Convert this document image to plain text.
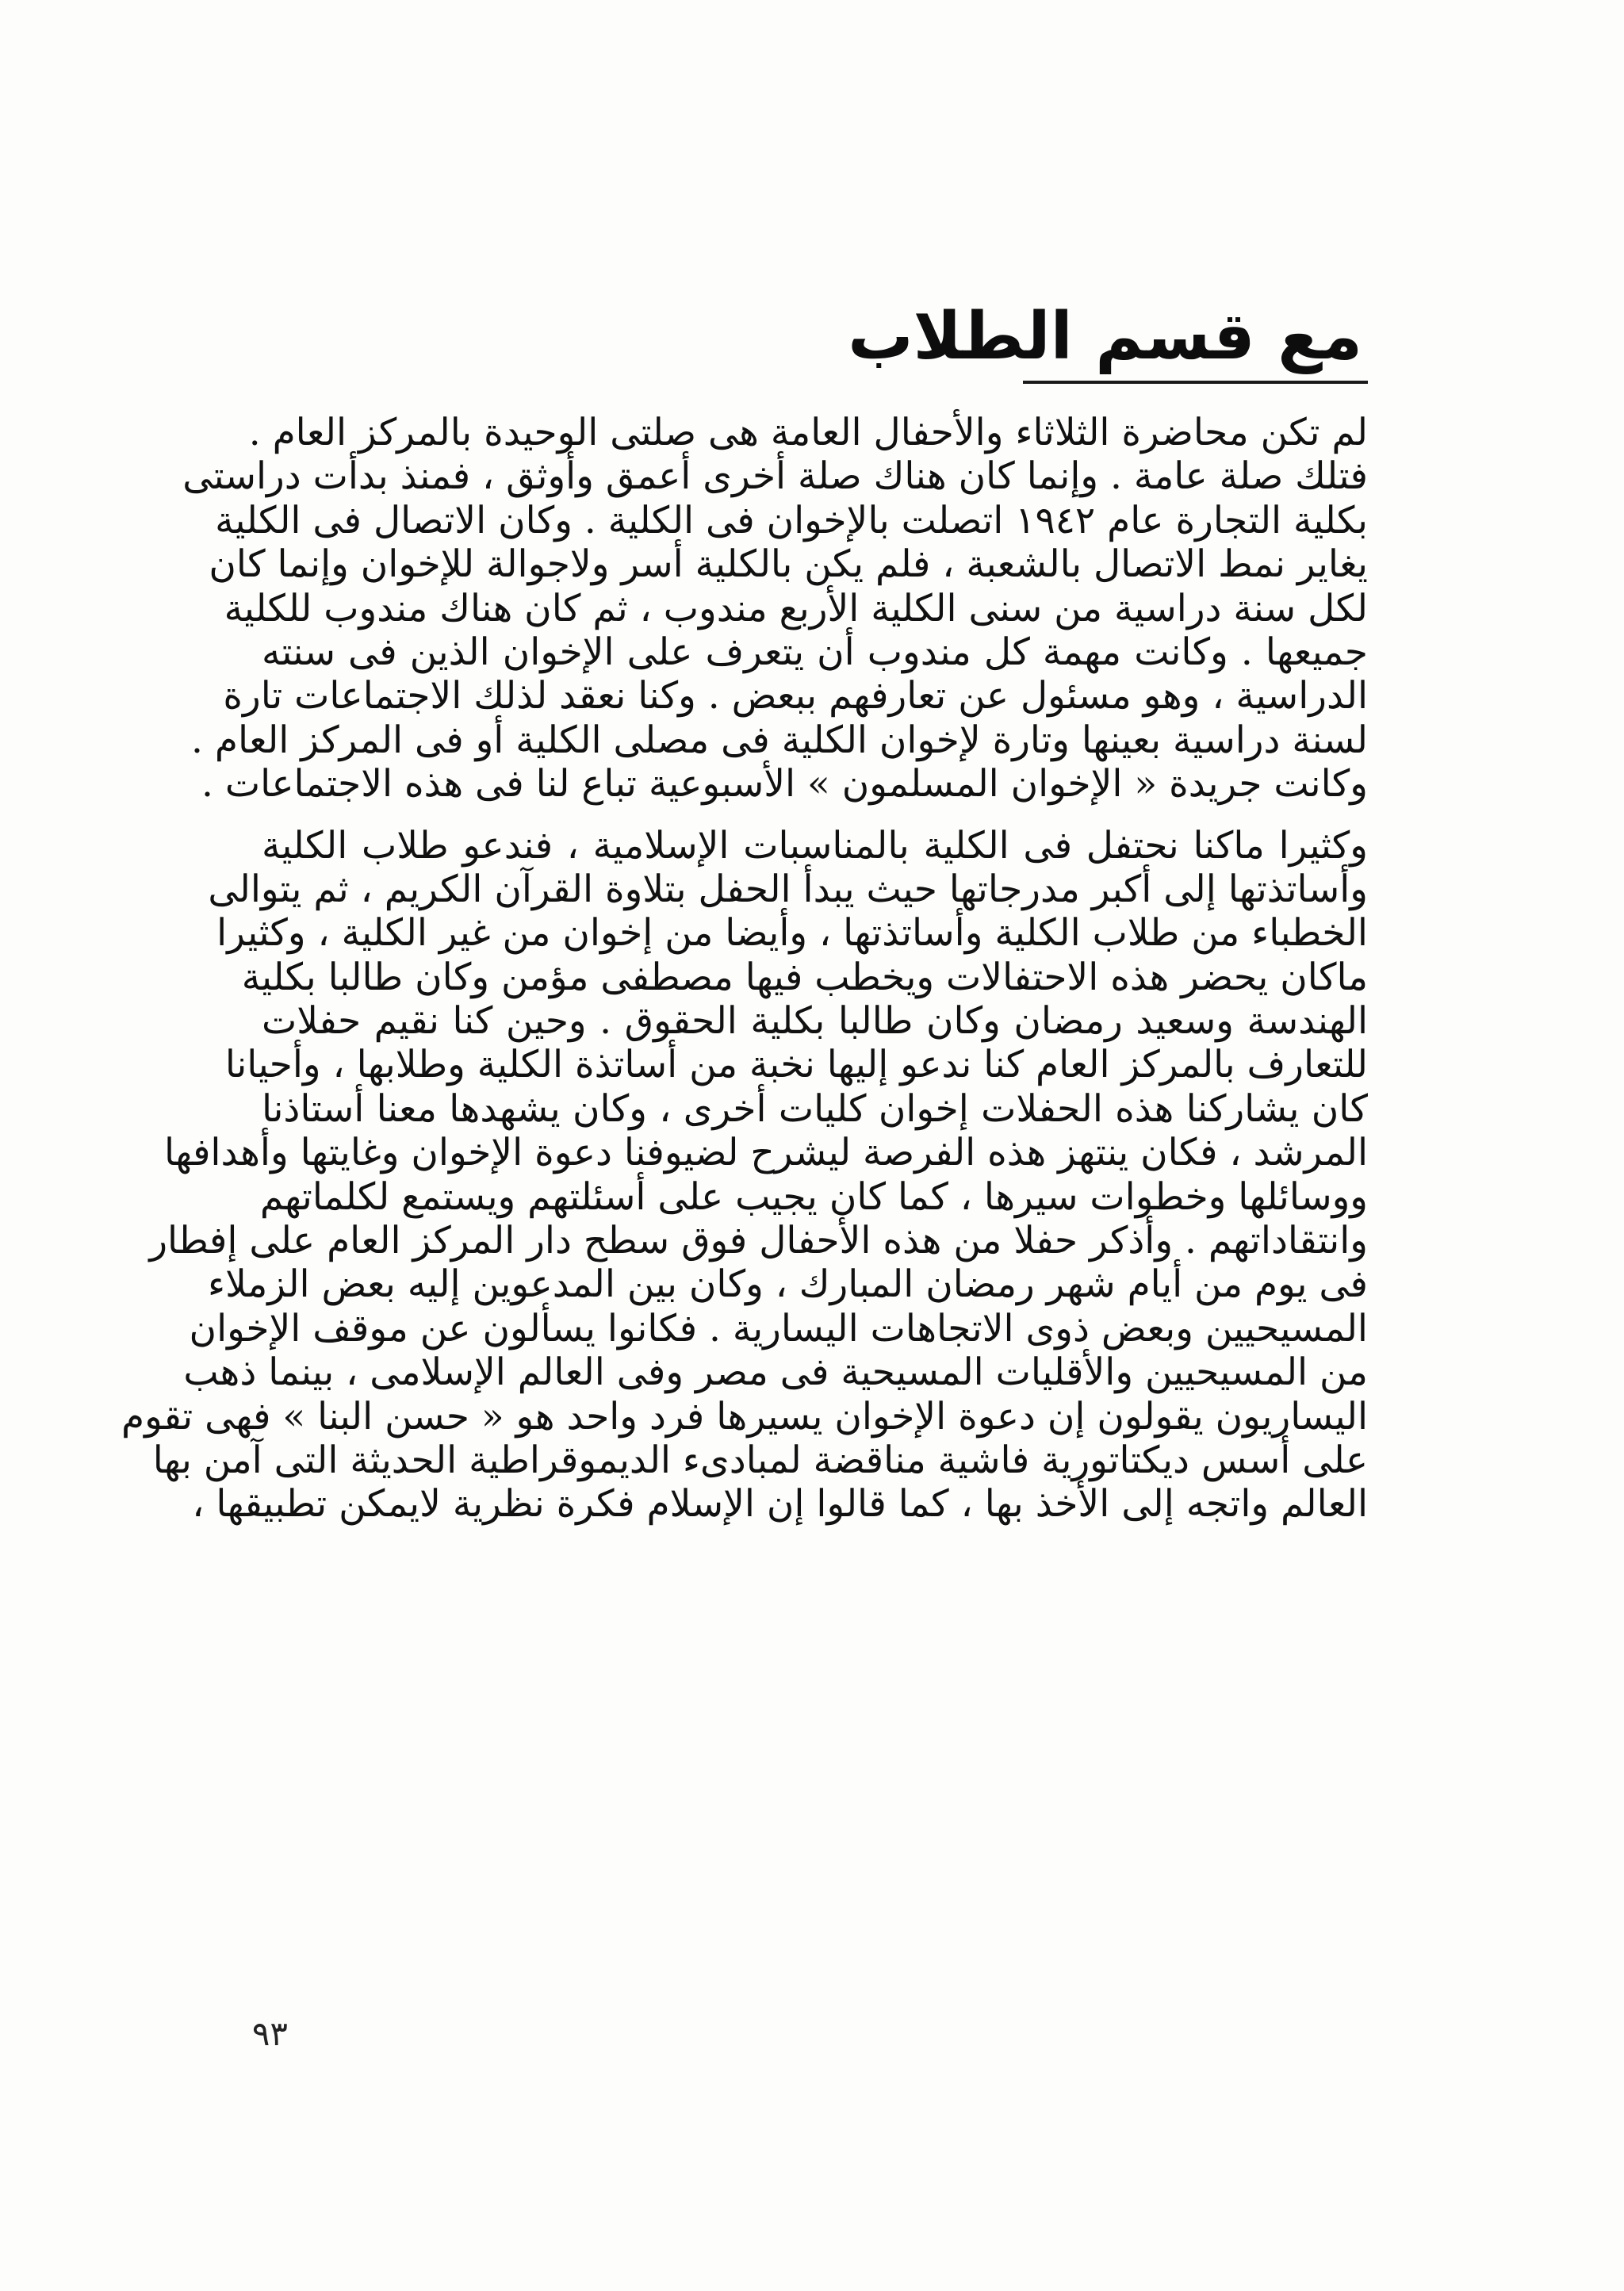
مع قسم الطلاب

لم تكن محاضرة الثلاثاء والأحفال العامة هى صلتى الوحيدة بالمركز العام .
فتلك صلة عامة . وإنما كان هناك صلة أخرى أعمق وأوثق ، فمنذ بدأت دراستى
بكلية التجارة عام ١٩٤٢ اتصلت بالإخوان فى الكلية . وكان الاتصال فى الكلية
يغاير نمط الاتصال بالشعبة ، فلم يكن بالكلية أسر ولاجوالة للإخوان وإنما كان
لكل سنة دراسية من سنى الكلية الأربع مندوب ، ثم كان هناك مندوب للكلية
جميعها . وكانت مهمة كل مندوب أن يتعرف على الإخوان الذين فى سنته
الدراسية ، وهو مسئول عن تعارفهم ببعض . وكنا نعقد لذلك الاجتماعات تارة
لسنة دراسية بعينها وتارة لإخوان الكلية فى مصلى الكلية أو فى المركز العام .
وكانت جريدة « الإخوان المسلمون » الأسبوعية تباع لنا فى هذه الاجتماعات .

وكثيرا ماكنا نحتفل فى الكلية بالمناسبات الإسلامية ، فندعو طلاب الكلية
وأساتذتها إلى أكبر مدرجاتها حيث يبدأ الحفل بتلاوة القرآن الكريم ، ثم يتوالى
الخطباء من طلاب الكلية وأساتذتها ، وأيضا من إخوان من غير الكلية ، وكثيرا
ماكان يحضر هذه الاحتفالات ويخطب فيها مصطفى مؤمن وكان طالبا بكلية
الهندسة وسعيد رمضان وكان طالبا بكلية الحقوق . وحين كنا نقيم حفلات
للتعارف بالمركز العام كنا ندعو إليها نخبة من أساتذة الكلية وطلابها ، وأحيانا
كان يشاركنا هذه الحفلات إخوان كليات أخرى ، وكان يشهدها معنا أستاذنا
المرشد ، فكان ينتهز هذه الفرصة ليشرح لضيوفنا دعوة الإخوان وغايتها وأهدافها
ووسائلها وخطوات سيرها ، كما كان يجيب على أسئلتهم ويستمع لكلماتهم
وانتقاداتهم . وأذكر حفلا من هذه الأحفال فوق سطح دار المركز العام على إفطار
فى يوم من أيام شهر رمضان المبارك ، وكان بين المدعوين إليه بعض الزملاء
المسيحيين وبعض ذوى الاتجاهات اليسارية . فكانوا يسألون عن موقف الإخوان
من المسيحيين والأقليات المسيحية فى مصر وفى العالم الإسلامى ، بينما ذهب
اليساريون يقولون إن دعوة الإخوان يسيرها فرد واحد هو « حسن البنا » فهى تقوم
على أسس ديكتاتورية فاشية مناقضة لمبادىء الديموقراطية الحديثة التى آمن بها
العالم واتجه إلى الأخذ بها ، كما قالوا إن الإسلام فكرة نظرية لايمكن تطبيقها ،

٩٣
